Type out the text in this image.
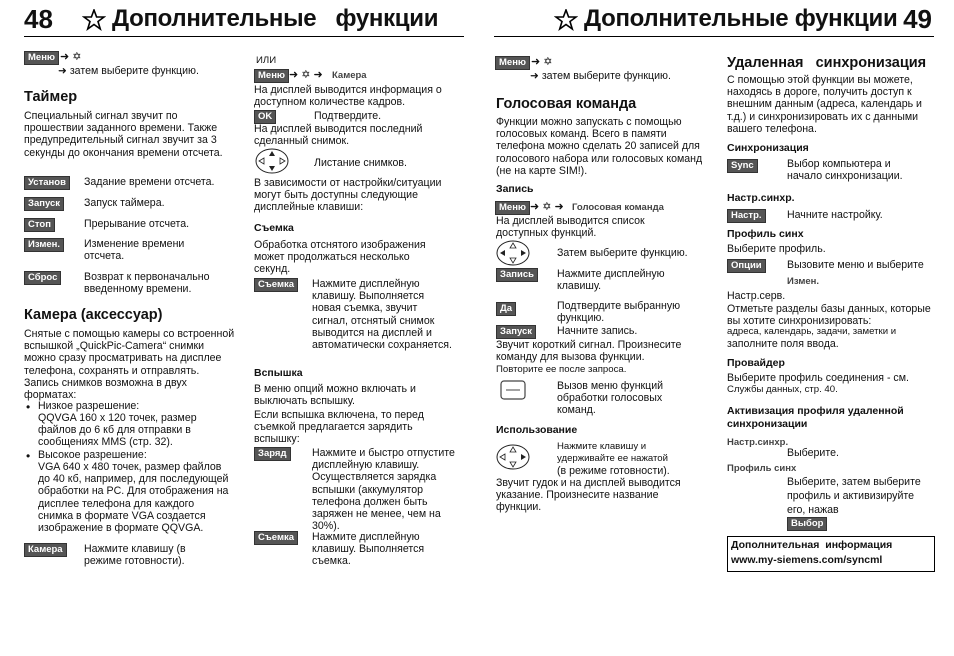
48 Дополнительные   функции	Дополнительные функции 49
Меню ➜ ✡
➜ затем выберите функцию.
Таймер
Специальный сигнал звучит по прошествии заданного времени. Также предупредительный сигнал звучит за 3 секунды до окончания времени отсчета.
Установ	Задание времени отсчета.
Запуск	Запуск таймера.
Стоп	Прерывание отсчета.
Измен.	Изменение времени отсчета.
Сброс	Возврат к первоначально введенному времени.
Камера (аксессуар)
Снятые с помощью камеры со встроенной вспышкой „QuickPic-Camera“ снимки можно сразу просматривать на дисплее телефона, сохранять и отправлять. Запись снимков возможна в двух форматах:
• Низкое разрешение:
QQVGA 160 x 120 точек, размер файлов до 6 кб для отправки в сообщениях MMS (стр. 32).
• Высокое разрешение:
VGA 640 x 480 точек, размер файлов до 40 кб, например, для последующей обработки на PC. Для отображения на дисплее телефона для каждого снимка в формате VGA создается изображение в формате QQVGA.
Камера	Нажмите клавишу (в режиме готовности).
ИЛИ
Меню ➜ ✡ ➜ Камера
На дисплей выводится информация о доступном количестве кадров.
OK	Подтвердите.
На дисплей выводится последний сделанный снимок.
Листание снимков.
В зависимости от настройки/ситуации могут быть доступны следующие дисплейные клавиши:
Съемка
Обработка отснятого изображения может продолжаться несколько секунд.
Съемка	Нажмите дисплейную клавишу. Выполняется новая съемка, звучит сигнал, отснятый снимок выводится на дисплей и автоматически сохраняется.
Вспышка
В меню опций можно включать и выключать вспышку.
Если вспышка включена, то перед съемкой предлагается зарядить вспышку:
Заряд	Нажмите и быстро отпустите дисплейную клавишу. Осуществляется зарядка вспышки (аккумулятор телефона должен быть заряжен не менее, чем на 30%).
Съемка	Нажмите дисплейную клавишу. Выполняется съемка.
Меню ➜ ✡
➜ затем выберите функцию.
Голосовая команда
Функции можно запускать с помощью голосовых команд. Всего в памяти телефона можно сделать 20 записей для голосового набора или голосовых команд (не на карте SIM!).
Запись
Меню ➜ ✡ ➜ Голосовая команда
На дисплей выводится список доступных функций.
Затем выберите функцию.
Запись	Нажмите дисплейную клавишу.
Да	Подтвердите выбранную функцию.
Запуск	Начните запись.
Звучит короткий сигнал. Произнесите команду для вызова функции.
Повторите ее после запроса.
Вызов меню функций обработки голосовых команд.
Использование
Нажмите клавишу и
удерживайте ее нажатой
(в режиме готовности).
Звучит гудок и на дисплей выводится указание. Произнесите название функции.
Удаленная   синхронизация
С помощью этой функции вы можете, находясь в дороге, получить доступ к внешним данным (адреса, календарь и т.д.) и синхронизировать их с данными вашего телефона.
Синхронизация
Sync	Выбор компьютера и начало синхронизации.
Настр.синхр.
Настр.	Начните настройку.
Профиль синх
Выберите профиль.
Опции	Вызовите меню и выберите
Измен.
Настр.серв.
Отметьте разделы базы данных, которые вы хотите синхронизировать:
адреса, календарь, задачи, заметки и
заполните поля ввода.
Провайдер
Выберите профиль соединения - см.
Службы данных, стр. 40.
Активизация профиля удаленной синхронизации
Настр.синхр.
Выберите.
Профиль синх
Выберите, затем выберите профиль и активизируйте его, нажав
Выбор
Дополнительная  информация
www.my-siemens.com/syncml
